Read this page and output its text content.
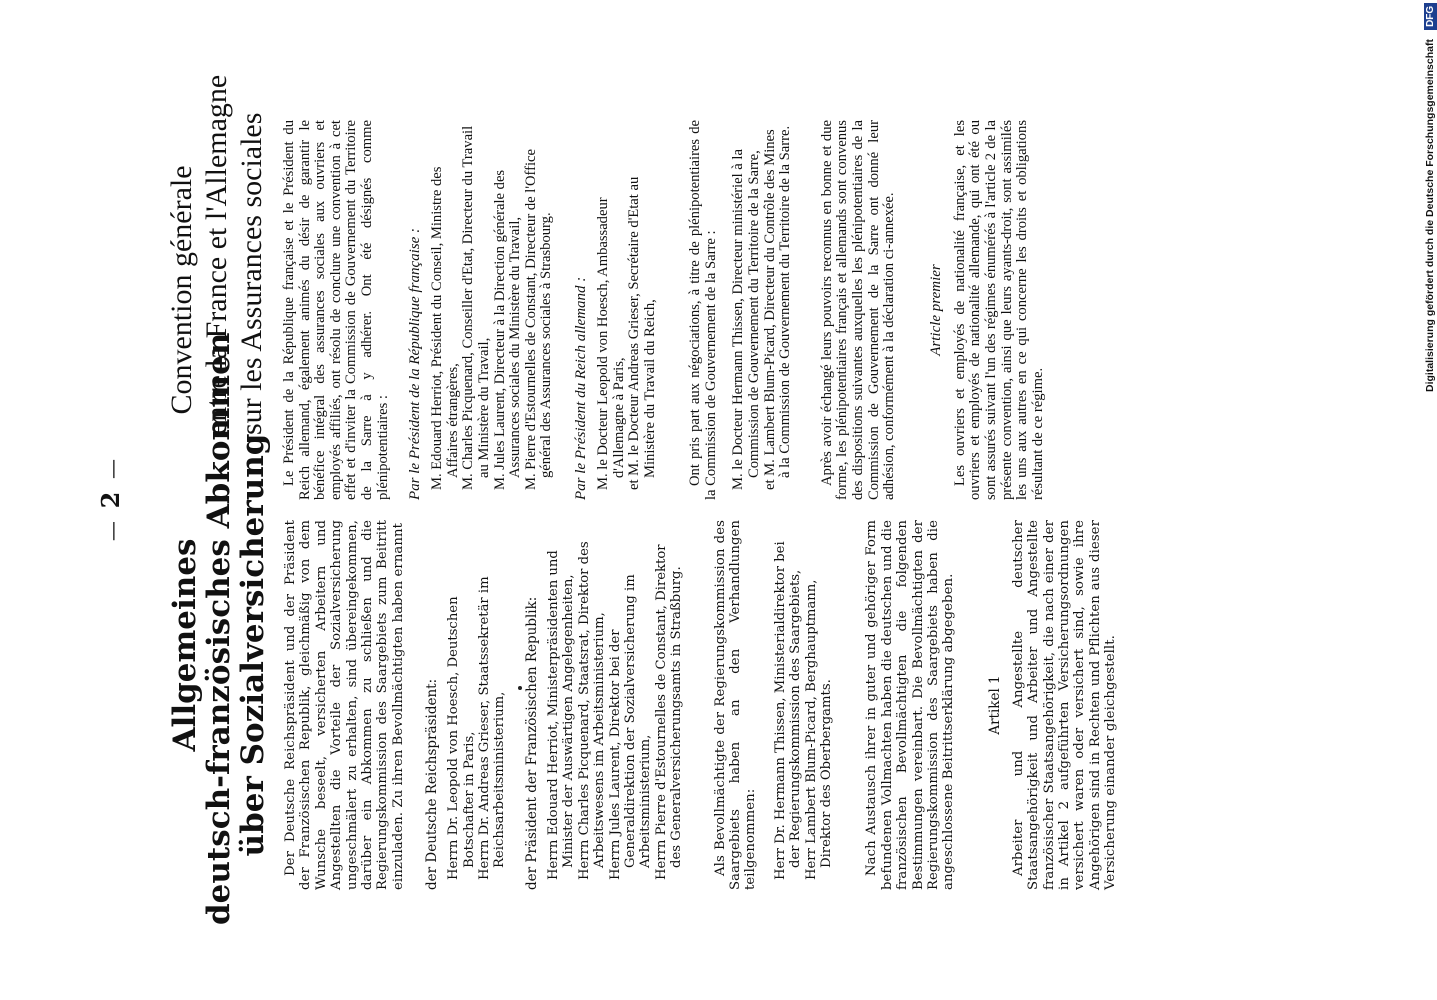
—  2  —
Allgemeines
deutsch-französisches Abkommen
über Sozialversicherung
Convention générale entre la France et l'Allemagne sur les Assurances sociales
Der Deutsche Reichspräsident und der Präsident der Französischen Republik, gleichmäßig von dem Wunsche beseelt, versicherten Arbeitern und Angestellten die Vorteile der Sozialversicherung ungeschmälert zu erhalten, sind übereingekommen, darüber ein Abkommen zu schließen und die Regierungskommission des Saargebiets zum Beitritt einzuladen. Zu ihren Bevollmächtigten haben ernannt der Deutsche Reichspräsident: Herrn Dr. Leopold von Hoesch, Deutschen Botschafter in Paris, Herrn Dr. Andreas Grieser, Staatssekretär im Reichsarbeitsministerium, der Präsident der Französischen Republik: Herrn Edouard Herriot, Ministerpräsidenten und Minister der Auswärtigen Angelegenheiten, Herrn Charles Picquenard, Staatsrat, Direktor des Arbeitswesens im Arbeitsministerium, Herrn Jules Laurent, Direktor bei der Generaldirektion der Sozialversicherung im Arbeitsministerium, Herrn Pierre d'Estournelles de Constant, Direktor des Generalversicherungsamts in Straßburg. Als Bevollmächtigte der Regierungskommission des Saargebiets haben an den Verhandlungen teilgenommen: Herr Dr. Hermann Thissen, Ministerialdirektor bei der Regierungskommission des Saargebiets, Herr Lambert Blum-Picard, Berghauptmann, Direktor des Oberbergamts. Nach Austausch ihrer in guter und gehöriger Form befundenen Vollmachten haben die deutschen und die französischen Bevollmächtigten die folgenden Bestimmungen vereinbart. Die Bevollmächtigten der Regierungskommission des Saargebiets haben die angeschlossene Beitrittserklärung abgegeben. Artikel 1 Arbeiter und Angestellte deutscher Staatsangehörigkeit und Arbeiter und Angestellte französischer Staatsangehörigkeit, die nach einer der in Artikel 2 aufgeführten Versicherungsordnungen versichert waren oder versichert sind, sowie ihre Angehörigen sind in Rechten und Pflichten aus dieser Versicherung einander gleichgestellt.
Le Président de la République française et le Président du Reich allemand, également animés du désir de garantir le bénéfice intégral des assurances sociales aux ouvriers et employés affiliés, ont résolu de conclure une convention à cet effet et d'inviter la Commission de Gouvernement du Territoire de la Sarre à y adhérer. Ont été désignés comme plénipotentiaires : Par le Président de la République française : M. Edouard Herriot, Président du Conseil, Ministre des Affaires étrangères, M. Charles Picquenard, Conseiller d'Etat, Directeur du Travail au Ministère du Travail, M. Jules Laurent, Directeur à la Direction générale des Assurances sociales du Ministère du Travail, M. Pierre d'Estournelles de Constant, Directeur de l'Office général des Assurances sociales à Strasbourg. Par le Président du Reich allemand : M. le Docteur Leopold von Hoesch, Ambassadeur d'Allemagne à Paris, et M. le Docteur Andreas Grieser, Secrétaire d'Etat au Ministère du Travail du Reich, Ont pris part aux négociations, à titre de plénipotentiaires de la Commission de Gouvernement de la Sarre : M. le Docteur Hermann Thissen, Directeur ministériel à la Commission de Gouvernement du Territoire de la Sarre, et M. Lambert Blum-Picard, Directeur du Contrôle des Mines à la Commission de Gouvernement du Territoire de la Sarre. Après avoir échangé leurs pouvoirs reconnus en bonne et due forme, les plénipotentiaires français et allemands sont convenus des dispositions suivantes auxquelles les plénipotentiaires de la Commission de Gouvernement de la Sarre ont donné leur adhésion, conformément à la déclaration ci-annexée. Article premier Les ouvriers et employés de nationalité française, et les ouvriers et employés de nationalité allemande, qui ont été ou sont assurés suivant l'un des régimes énumérés à l'article 2 de la présente convention, ainsi que leurs ayants-droit, sont assimilés les uns aux autres en ce qui concerne les droits et obligations résultant de ce régime.
Digitalisierung gefördert durch die Deutsche Forschungsgemeinschaft DFG
